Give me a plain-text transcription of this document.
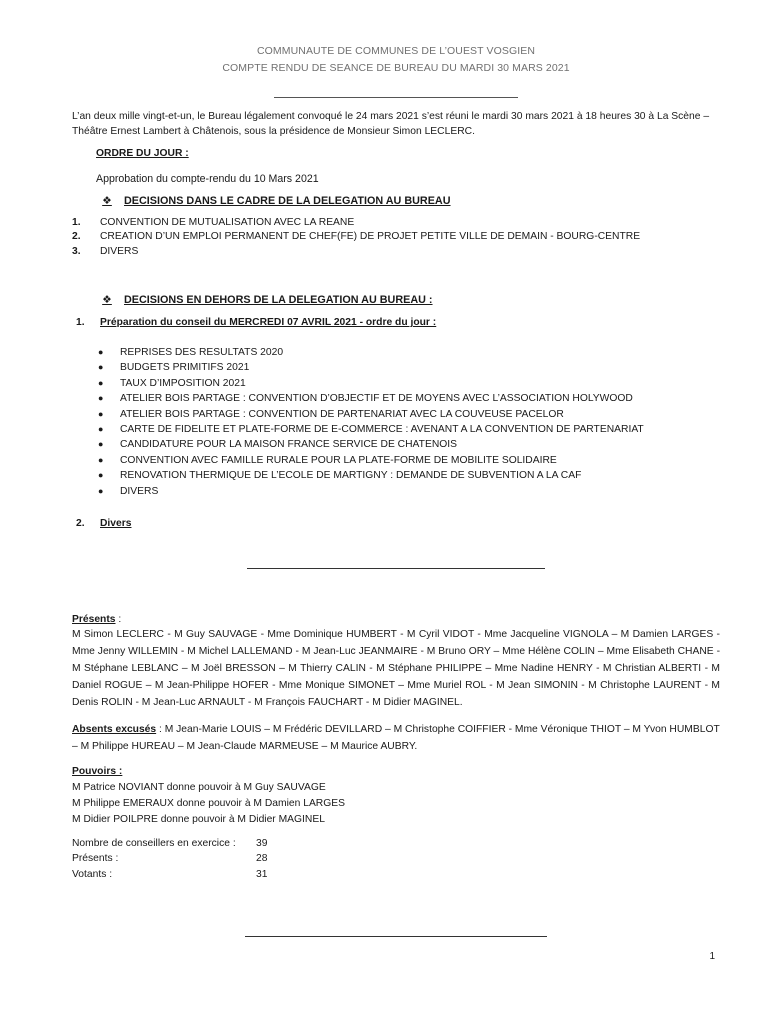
COMMUNAUTE DE COMMUNES DE L’OUEST VOSGIEN
COMPTE RENDU DE SEANCE DE BUREAU DU MARDI 30 MARS 2021
L’an deux mille vingt-et-un, le Bureau légalement convoqué le 24 mars 2021 s’est réuni le mardi 30 mars 2021 à 18 heures 30 à La Scène – Théâtre Ernest Lambert à Châtenois, sous la présidence de Monsieur Simon LECLERC.
ORDRE DU JOUR :
Approbation du compte-rendu du 10 Mars 2021
❖ DECISIONS DANS LE CADRE DE LA DELEGATION AU BUREAU
1.	CONVENTION DE MUTUALISATION AVEC LA REANE
2.	CREATION D’UN EMPLOI PERMANENT DE CHEF(FE) DE PROJET PETITE VILLE DE DEMAIN - BOURG-CENTRE
3.	DIVERS
❖ DECISIONS EN DEHORS DE LA DELEGATION AU BUREAU :
1.	Préparation du conseil du MERCREDI 07 AVRIL 2021 - ordre du jour :
●	REPRISES DES RESULTATS 2020
●	BUDGETS PRIMITIFS 2021
●	TAUX D’IMPOSITION 2021
●	ATELIER BOIS PARTAGE : CONVENTION D’OBJECTIF ET DE MOYENS AVEC L’ASSOCIATION HOLYWOOD
●	ATELIER BOIS PARTAGE : CONVENTION DE PARTENARIAT AVEC LA COUVEUSE PACELOR
●	CARTE DE FIDELITE ET PLATE-FORME DE E-COMMERCE : AVENANT A LA CONVENTION DE PARTENARIAT
●	CANDIDATURE POUR LA MAISON FRANCE SERVICE DE CHATENOIS
●	CONVENTION AVEC FAMILLE RURALE POUR LA PLATE-FORME DE MOBILITE SOLIDAIRE
●	RENOVATION THERMIQUE DE L’ECOLE DE MARTIGNY : DEMANDE DE SUBVENTION A LA CAF
●	DIVERS
2.	Divers
Présents :
M Simon LECLERC - M Guy SAUVAGE - Mme Dominique HUMBERT - M Cyril VIDOT - Mme Jacqueline VIGNOLA – M Damien LARGES - Mme Jenny WILLEMIN - M Michel LALLEMAND - M Jean-Luc JEANMAIRE - M Bruno ORY – Mme Hélène COLIN – Mme Elisabeth CHANE - M Stéphane LEBLANC – M Joël BRESSON – M Thierry CALIN - M Stéphane PHILIPPE – Mme Nadine HENRY - M Christian ALBERTI - M Daniel ROGUE – M Jean-Philippe HOFER - Mme Monique SIMONET – Mme Muriel ROL - M Jean SIMONIN - M Christophe LAURENT - M Denis ROLIN - M Jean-Luc ARNAULT - M François FAUCHART - M Didier MAGINEL.
Absents excusés : M Jean-Marie LOUIS – M Frédéric DEVILLARD – M Christophe COIFFIER - Mme Véronique THIOT – M Yvon HUMBLOT – M Philippe HUREAU – M Jean-Claude MARMEUSE – M Maurice AUBRY.
Pouvoirs :
M Patrice NOVIANT donne pouvoir à M Guy SAUVAGE
M Philippe EMERAUX donne pouvoir à M Damien LARGES
M Didier POILPRE donne pouvoir à M Didier MAGINEL
Nombre de conseillers en exercice :	39
Présents :	28
Votants :	31
1
